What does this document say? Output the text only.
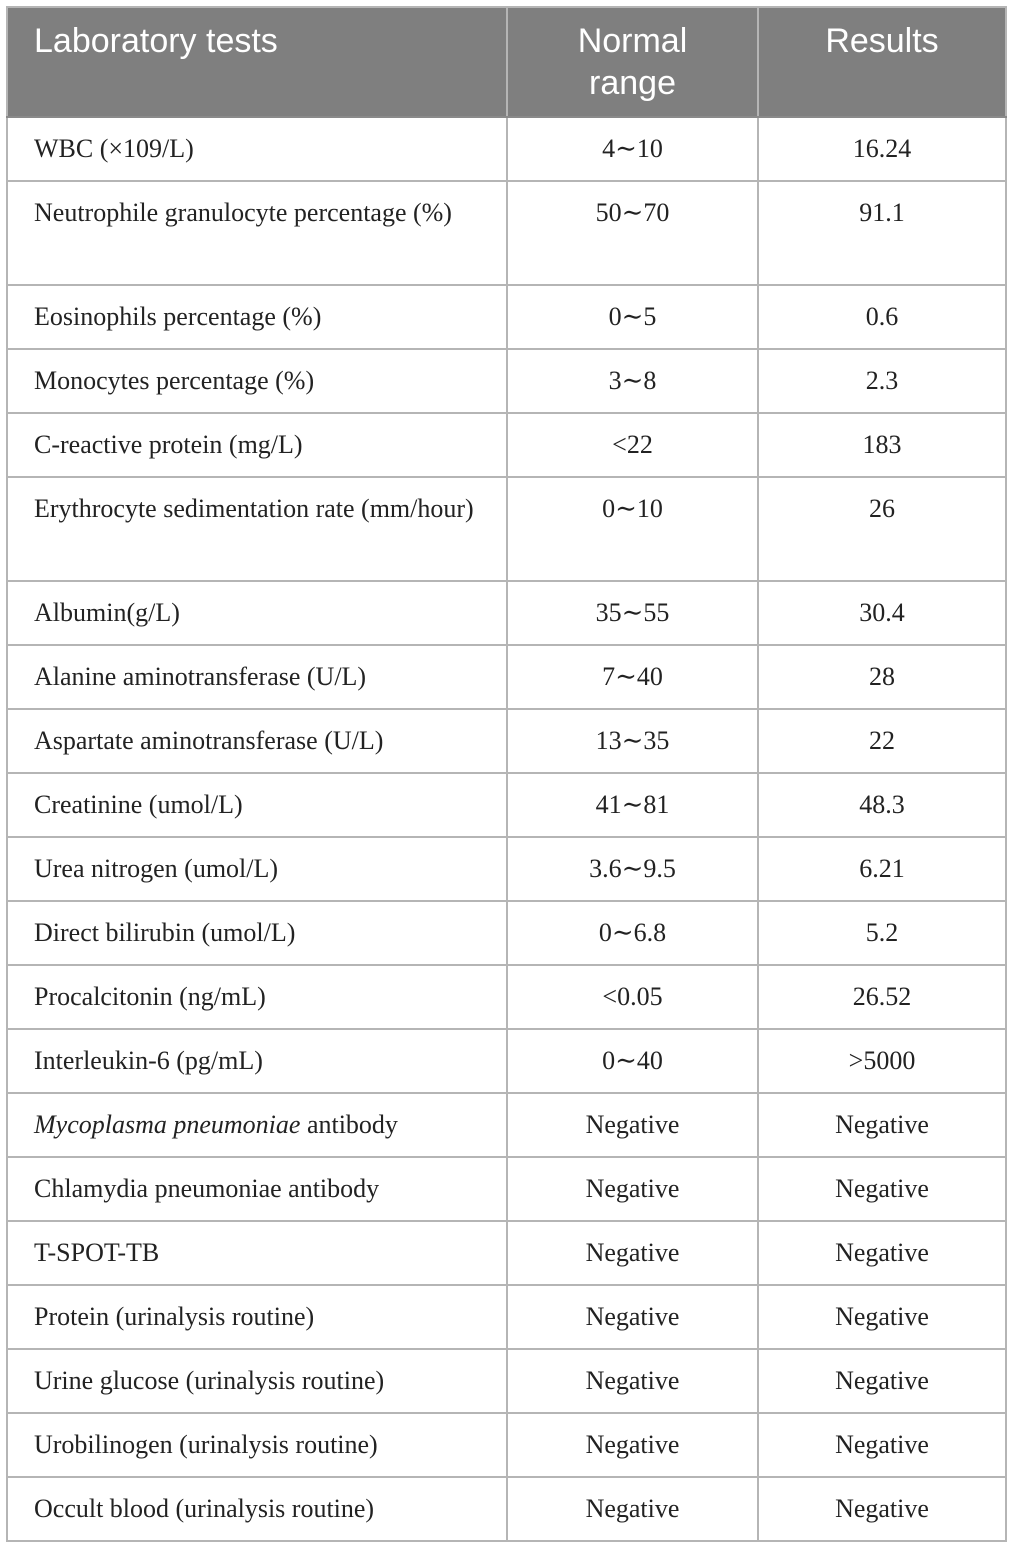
Laboratory tests	Normal range	Results
WBC (×109/L)	4∼10	16.24
Neutrophile granulocyte percentage (%)	50∼70	91.1
Eosinophils percentage (%)	0∼5	0.6
Monocytes percentage (%)	3∼8	2.3
C-reactive protein (mg/L)	<22	183
Erythrocyte sedimentation rate (mm/hour)	0∼10	26
Albumin(g/L)	35∼55	30.4
Alanine aminotransferase (U/L)	7∼40	28
Aspartate aminotransferase (U/L)	13∼35	22
Creatinine (umol/L)	41∼81	48.3
Urea nitrogen (umol/L)	3.6∼9.5	6.21
Direct bilirubin (umol/L)	0∼6.8	5.2
Procalcitonin (ng/mL)	<0.05	26.52
Interleukin-6 (pg/mL)	0∼40	>5000
Mycoplasma pneumoniae antibody	Negative	Negative
Chlamydia pneumoniae antibody	Negative	Negative
T-SPOT-TB	Negative	Negative
Protein (urinalysis routine)	Negative	Negative
Urine glucose (urinalysis routine)	Negative	Negative
Urobilinogen (urinalysis routine)	Negative	Negative
Occult blood (urinalysis routine)	Negative	Negative
